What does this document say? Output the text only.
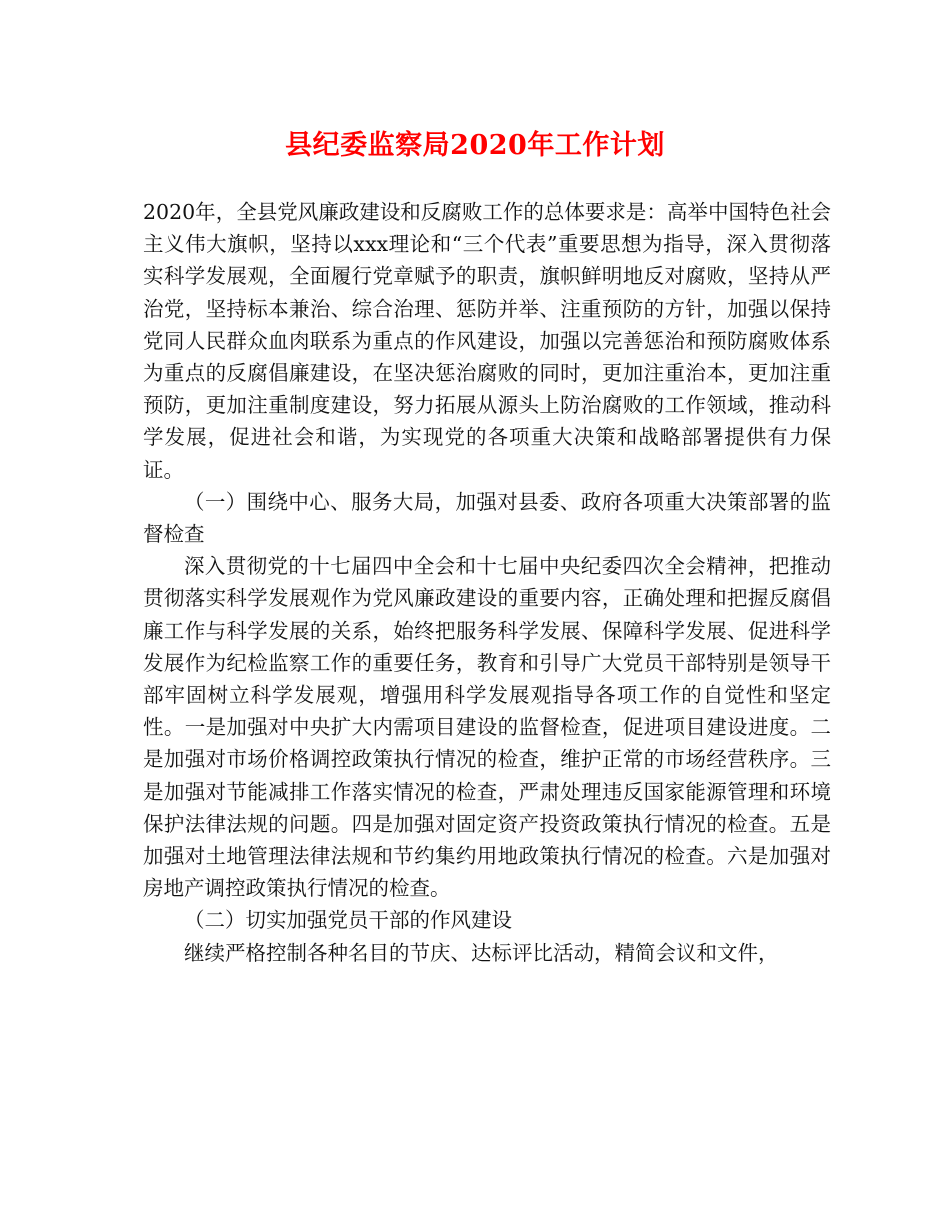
县纪委监察局2020年工作计划

2020年，全县党风廉政建设和反腐败工作的总体要求是：高举中国特色社会主义伟大旗帜，坚持以xxx理论和“三个代表”重要思想为指导，深入贯彻落实科学发展观，全面履行党章赋予的职责，旗帜鲜明地反对腐败，坚持从严治党，坚持标本兼治、综合治理、惩防并举、注重预防的方针，加强以保持党同人民群众血肉联系为重点的作风建设，加强以完善惩治和预防腐败体系为重点的反腐倡廉建设，在坚决惩治腐败的同时，更加注重治本，更加注重预防，更加注重制度建设，努力拓展从源头上防治腐败的工作领域，推动科学发展，促进社会和谐，为实现党的各项重大决策和战略部署提供有力保证。

（一）围绕中心、服务大局，加强对县委、政府各项重大决策部署的监督检查

深入贯彻党的十七届四中全会和十七届中央纪委四次全会精神，把推动贯彻落实科学发展观作为党风廉政建设的重要内容，正确处理和把握反腐倡廉工作与科学发展的关系，始终把服务科学发展、保障科学发展、促进科学发展作为纪检监察工作的重要任务，教育和引导广大党员干部特别是领导干部牢固树立科学发展观，增强用科学发展观指导各项工作的自觉性和坚定性。一是加强对中央扩大内需项目建设的监督检查，促进项目建设进度。二是加强对市场价格调控政策执行情况的检查，维护正常的市场经营秩序。三是加强对节能减排工作落实情况的检查，严肃处理违反国家能源管理和环境保护法律法规的问题。四是加强对固定资产投资政策执行情况的检查。五是加强对土地管理法律法规和节约集约用地政策执行情况的检查。六是加强对房地产调控政策执行情况的检查。

（二）切实加强党员干部的作风建设

继续严格控制各种名目的节庆、达标评比活动，精简会议和文件，
